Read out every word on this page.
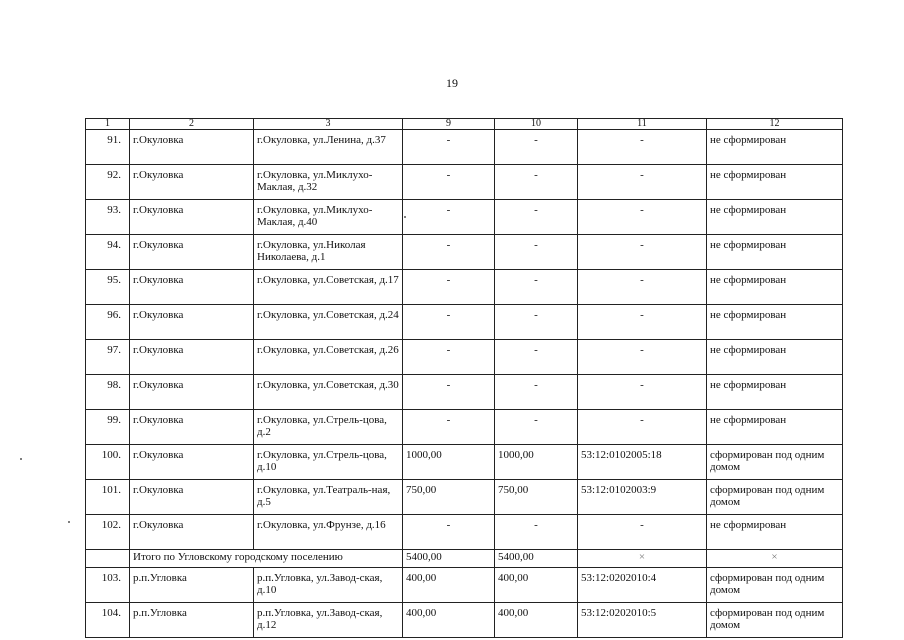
19
1	2	3	9	10	11	12
91.	г.Окуловка	г.Окуловка, ул.Ленина, д.37	-	-	-	не сформирован
92.	г.Окуловка	г.Окуловка, ул.Миклухо-Маклая, д.32	-	-	-	не сформирован
93.	г.Окуловка	г.Окуловка, ул.Миклухо-Маклая, д.40	-	-	-	не сформирован
94.	г.Окуловка	г.Окуловка, ул.Николая Николаева, д.1	-	-	-	не сформирован
95.	г.Окуловка	г.Окуловка, ул.Советская, д.17	-	-	-	не сформирован
96.	г.Окуловка	г.Окуловка, ул.Советская, д.24	-	-	-	не сформирован
97.	г.Окуловка	г.Окуловка, ул.Советская, д.26	-	-	-	не сформирован
98.	г.Окуловка	г.Окуловка, ул.Советская, д.30	-	-	-	не сформирован
99.	г.Окуловка	г.Окуловка, ул.Стрель-цова, д.2	-	-	-	не сформирован
100.	г.Окуловка	г.Окуловка, ул.Стрель-цова, д.10	1000,00	1000,00	53:12:0102005:18	сформирован под одним домом
101.	г.Окуловка	г.Окуловка, ул.Театраль-ная, д.5	750,00	750,00	53:12:0102003:9	сформирован под одним домом
102.	г.Окуловка	г.Окуловка, ул.Фрунзе, д.16	-	-	-	не сформирован
	Итого по Угловскому городскому поселению		5400,00	5400,00	×	×
103.	р.п.Угловка	р.п.Угловка, ул.Завод-ская, д.10	400,00	400,00	53:12:0202010:4	сформирован под одним домом
104.	р.п.Угловка	р.п.Угловка, ул.Завод-ская, д.12	400,00	400,00	53:12:0202010:5	сформирован под одним домом
